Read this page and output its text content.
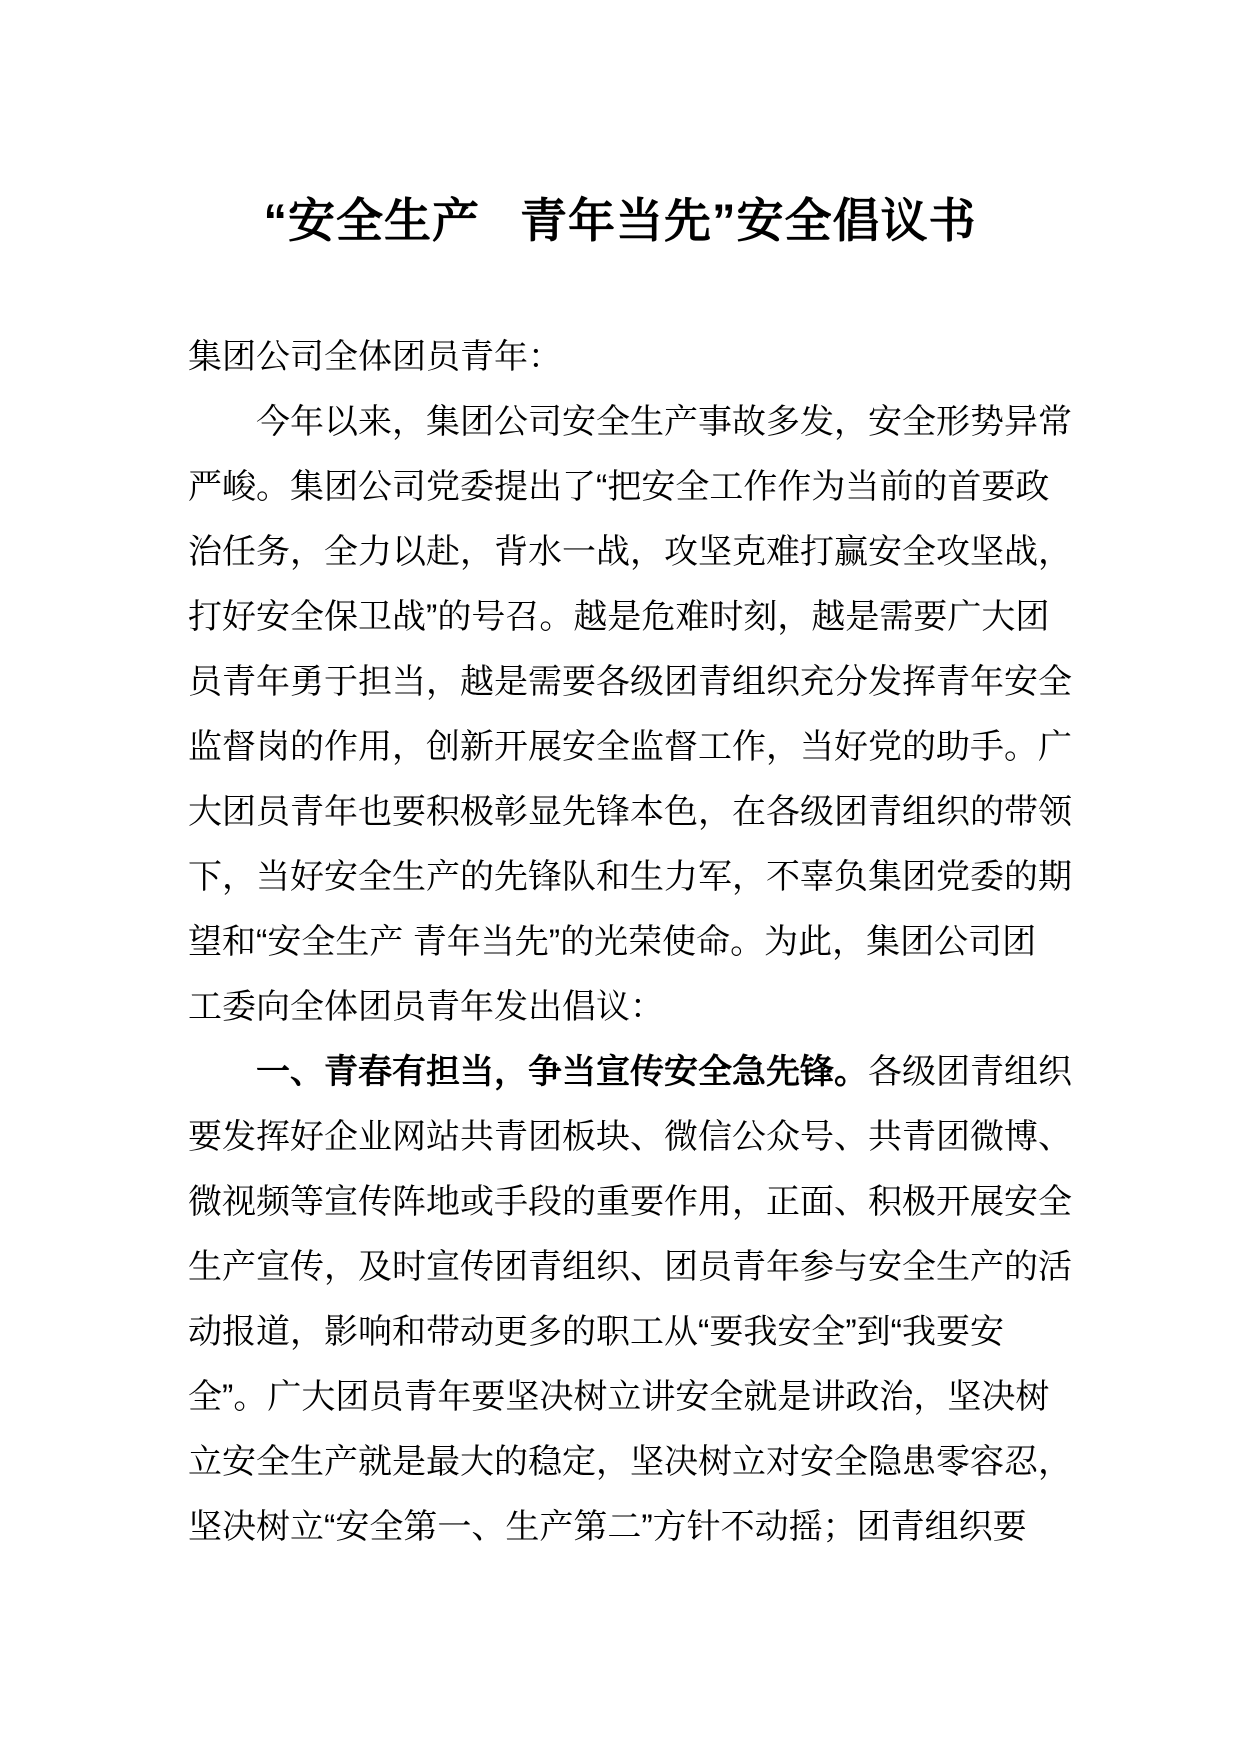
“安全生产 青年当先”安全倡议书
集团公司全体团员青年：
今年以来，集团公司安全生产事故多发，安全形势异常
严峻。集团公司党委提出了“把安全工作作为当前的首要政
治任务，全力以赴，背水一战，攻坚克难打赢安全攻坚战，
打好安全保卫战”的号召。越是危难时刻，越是需要广大团
员青年勇于担当，越是需要各级团青组织充分发挥青年安全
监督岗的作用，创新开展安全监督工作，当好党的助手。广
大团员青年也要积极彰显先锋本色，在各级团青组织的带领
下，当好安全生产的先锋队和生力军，不辜负集团党委的期
望和“安全生产 青年当先”的光荣使命。为此，集团公司团
工委向全体团员青年发出倡议：
一、青春有担当，争当宣传安全急先锋。各级团青组织
要发挥好企业网站共青团板块、微信公众号、共青团微博、
微视频等宣传阵地或手段的重要作用，正面、积极开展安全
生产宣传，及时宣传团青组织、团员青年参与安全生产的活
动报道，影响和带动更多的职工从“要我安全”到“我要安
全”。广大团员青年要坚决树立讲安全就是讲政治，坚决树
立安全生产就是最大的稳定，坚决树立对安全隐患零容忍，
坚决树立“安全第一、生产第二”方针不动摇；团青组织要
